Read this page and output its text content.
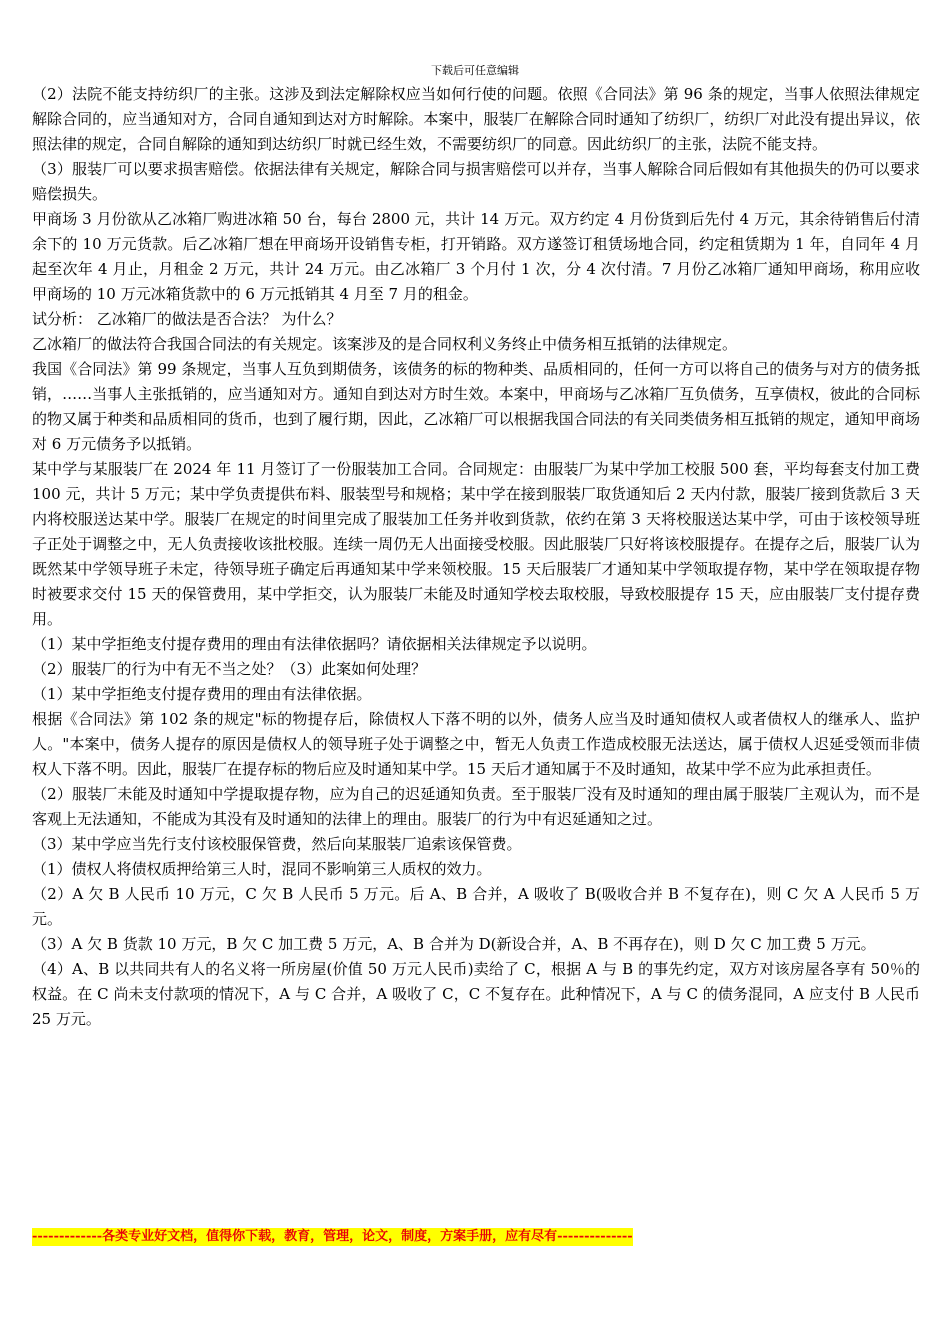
下载后可任意编辑

（2）法院不能支持纺织厂的主张。这涉及到法定解除权应当如何行使的问题。依照《合同法》第 96 条的规定，当事人依照法律规定解除合同的，应当通知对方，合同自通知到达对方时解除。本案中，服装厂在解除合同时通知了纺织厂，纺织厂对此没有提出异议，依照法律的规定，合同自解除的通知到达纺织厂时就已经生效，不需要纺织厂的同意。因此纺织厂的主张，法院不能支持。

（3）服装厂可以要求损害赔偿。依据法律有关规定，解除合同与损害赔偿可以并存，当事人解除合同后假如有其他损失的仍可以要求赔偿损失。

甲商场 3 月份欲从乙冰箱厂购进冰箱 50 台，每台 2800 元，共计 14 万元。双方约定 4 月份货到后先付 4 万元，其余待销售后付清余下的 10 万元货款。后乙冰箱厂想在甲商场开设销售专柜，打开销路。双方遂签订租赁场地合同，约定租赁期为 1 年，自同年 4 月起至次年 4 月止，月租金 2 万元，共计 24 万元。由乙冰箱厂 3 个月付 1 次，分 4 次付清。7 月份乙冰箱厂通知甲商场，称用应收甲商场的 10 万元冰箱货款中的 6 万元抵销其 4 月至 7 月的租金。

试分析： 乙冰箱厂的做法是否合法？ 为什么？

乙冰箱厂的做法符合我国合同法的有关规定。该案涉及的是合同权利义务终止中债务相互抵销的法律规定。

我国《合同法》第 99 条规定，当事人互负到期债务，该债务的标的物种类、品质相同的，任何一方可以将自己的债务与对方的债务抵销，……当事人主张抵销的，应当通知对方。通知自到达对方时生效。本案中，甲商场与乙冰箱厂互负债务，互享债权，彼此的合同标的物又属于种类和品质相同的货币，也到了履行期，因此，乙冰箱厂可以根据我国合同法的有关同类债务相互抵销的规定，通知甲商场对 6 万元债务予以抵销。

某中学与某服装厂在 2024 年 11 月签订了一份服装加工合同。合同规定：由服装厂为某中学加工校服 500 套，平均每套支付加工费 100 元，共计 5 万元；某中学负责提供布料、服装型号和规格；某中学在接到服装厂取货通知后 2 天内付款，服装厂接到货款后 3 天内将校服送达某中学。服装厂在规定的时间里完成了服装加工任务并收到货款，依约在第 3 天将校服送达某中学，可由于该校领导班子正处于调整之中，无人负责接收该批校服。连续一周仍无人出面接受校服。因此服装厂只好将该校服提存。在提存之后，服装厂认为既然某中学领导班子未定，待领导班子确定后再通知某中学来领校服。15 天后服装厂才通知某中学领取提存物，某中学在领取提存物时被要求交付 15 天的保管费用，某中学拒交，认为服装厂未能及时通知学校去取校服，导致校服提存 15 天，应由服装厂支付提存费用。

（1）某中学拒绝支付提存费用的理由有法律依据吗？请依据相关法律规定予以说明。

（2）服装厂的行为中有无不当之处？（3）此案如何处理？

（1）某中学拒绝支付提存费用的理由有法律依据。

根据《合同法》第 102 条的规定"标的物提存后，除债权人下落不明的以外，债务人应当及时通知债权人或者债权人的继承人、监护人。"本案中，债务人提存的原因是债权人的领导班子处于调整之中，暂无人负责工作造成校服无法送达，属于债权人迟延受领而非债权人下落不明。因此，服装厂在提存标的物后应及时通知某中学。15 天后才通知属于不及时通知，故某中学不应为此承担责任。

（2）服装厂未能及时通知中学提取提存物，应为自己的迟延通知负责。至于服装厂没有及时通知的理由属于服装厂主观认为，而不是客观上无法通知，不能成为其没有及时通知的法律上的理由。服装厂的行为中有迟延通知之过。

（3）某中学应当先行支付该校服保管费，然后向某服装厂追索该保管费。

（1）债权人将债权质押给第三人时，混同不影响第三人质权的效力。

（2）A 欠 B 人民币 10 万元，C 欠 B 人民币 5 万元。后 A、B 合并，A 吸收了 B(吸收合并 B 不复存在)，则 C 欠 A 人民币 5 万元。

（3）A 欠 B 货款 10 万元，B 欠 C 加工费 5 万元，A、B 合并为 D(新设合并，A、B 不再存在)，则 D 欠 C 加工费 5 万元。

（4）A、B 以共同共有人的名义将一所房屋(价值 50 万元人民币)卖给了 C，根据 A 与 B 的事先约定，双方对该房屋各享有 50％的权益。在 C 尚未支付款项的情况下，A 与 C 合并，A 吸收了 C，C 不复存在。此种情况下，A 与 C 的债务混同，A 应支付 B 人民币 25 万元。

-------------各类专业好文档，值得你下载，教育，管理，论文，制度，方案手册，应有尽有--------------
